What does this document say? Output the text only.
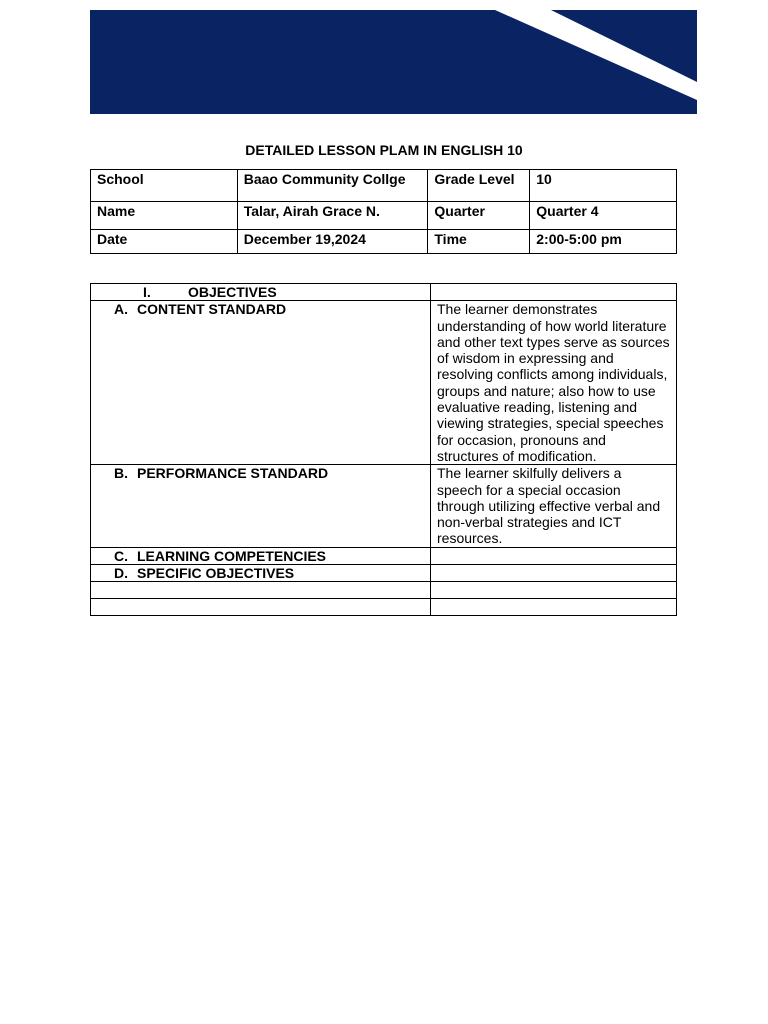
DETAILED LESSON PLAM IN ENGLISH 10
School	Baao Community Collge	Grade Level	10
Name	Talar, Airah Grace N.	Quarter	Quarter 4
Date	December 19,2024	Time	2:00-5:00 pm
I. OBJECTIVES	
A. CONTENT STANDARD	The learner demonstrates understanding of how world literature and other text types serve as sources of wisdom in expressing and resolving conflicts among individuals, groups and nature; also how to use evaluative reading, listening and viewing strategies, special speeches for occasion, pronouns and structures of modification.
B. PERFORMANCE STANDARD	The learner skilfully delivers a speech for a special occasion through utilizing effective verbal and non-verbal strategies and ICT resources.
C. LEARNING COMPETENCIES	
D. SPECIFIC OBJECTIVES	
